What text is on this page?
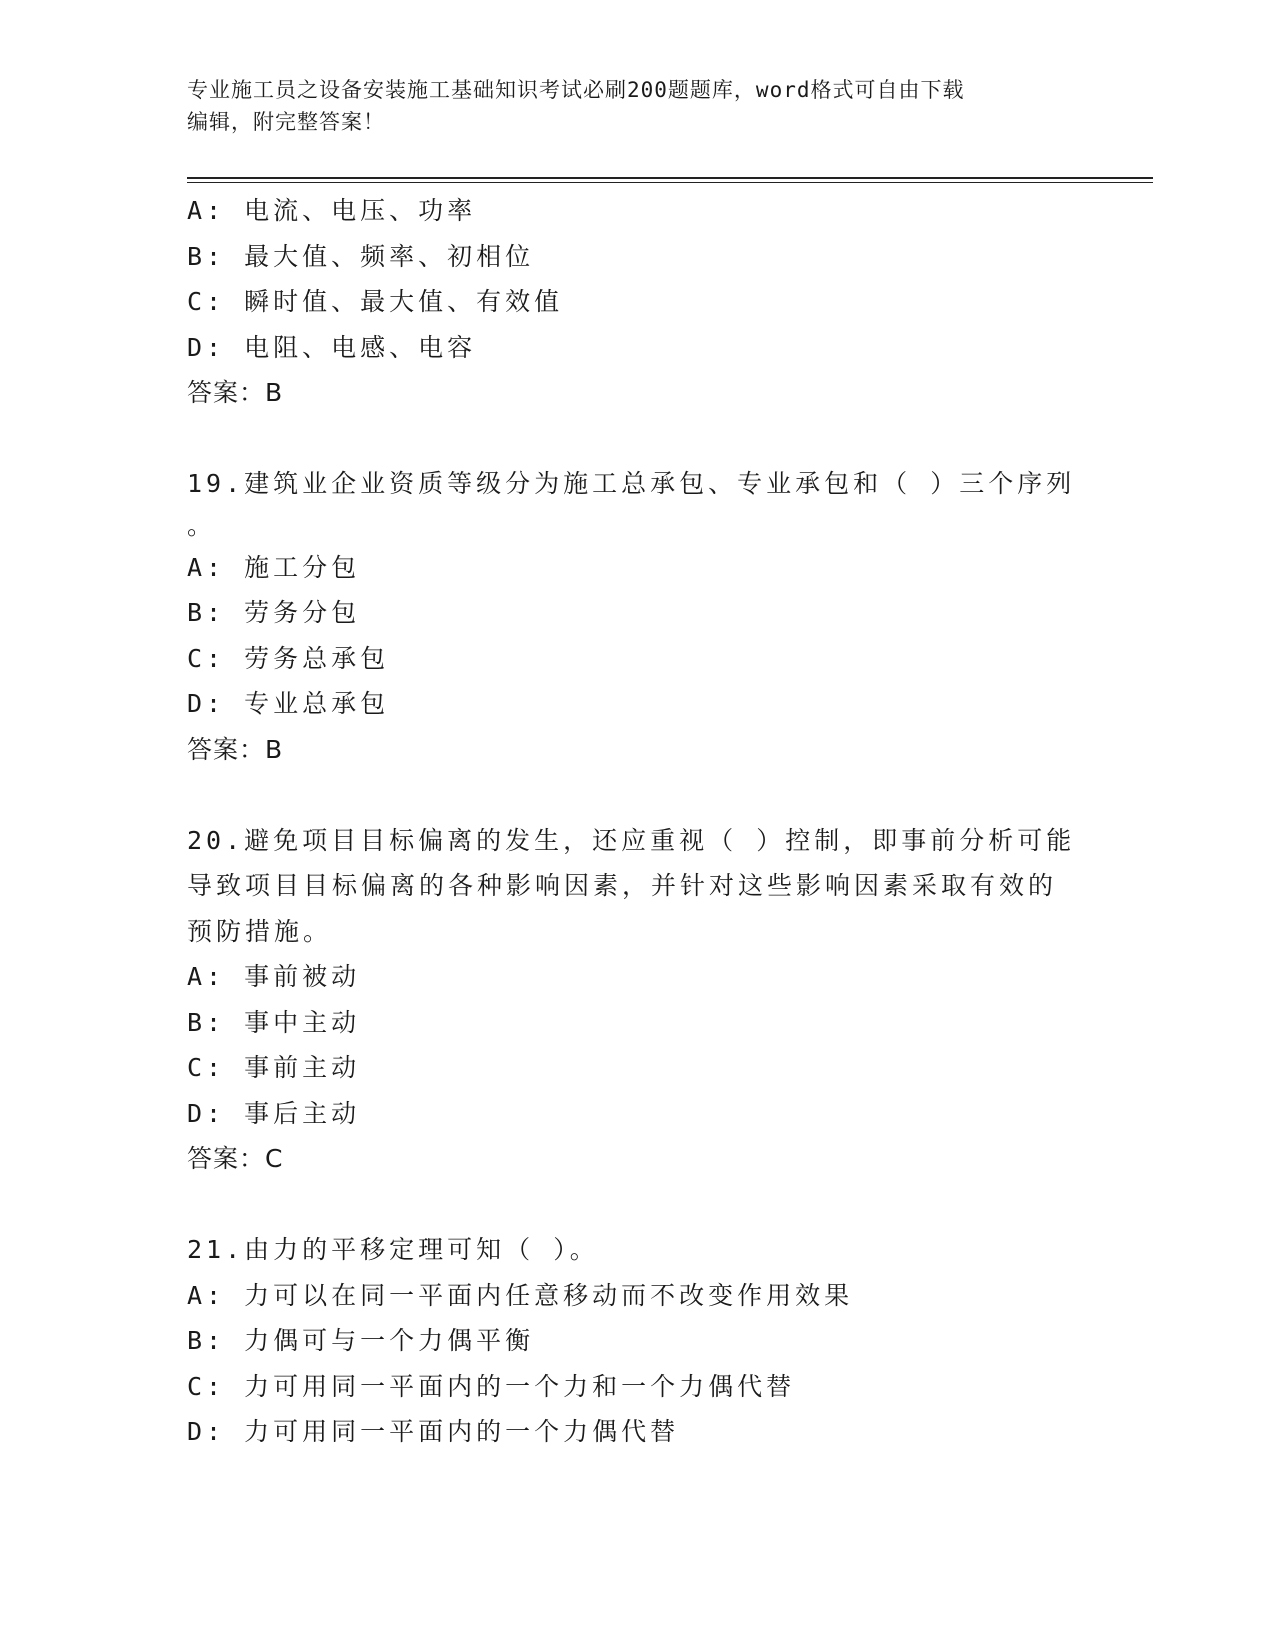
专业施工员之设备安装施工基础知识考试必刷200题题库，word格式可自由下载
编辑，附完整答案！
A: 电流、电压、功率
B: 最大值、频率、初相位
C: 瞬时值、最大值、有效值
D: 电阻、电感、电容
答案：B
19.建筑业企业资质等级分为施工总承包、专业承包和（ ）三个序列
。
A: 施工分包
B: 劳务分包
C: 劳务总承包
D: 专业总承包
答案：B
20.避免项目目标偏离的发生，还应重视（ ）控制，即事前分析可能
导致项目目标偏离的各种影响因素，并针对这些影响因素采取有效的
预防措施。
A: 事前被动
B: 事中主动
C: 事前主动
D: 事后主动
答案：C
21.由力的平移定理可知（ ）。
A: 力可以在同一平面内任意移动而不改变作用效果
B: 力偶可与一个力偶平衡
C: 力可用同一平面内的一个力和一个力偶代替
D: 力可用同一平面内的一个力偶代替
